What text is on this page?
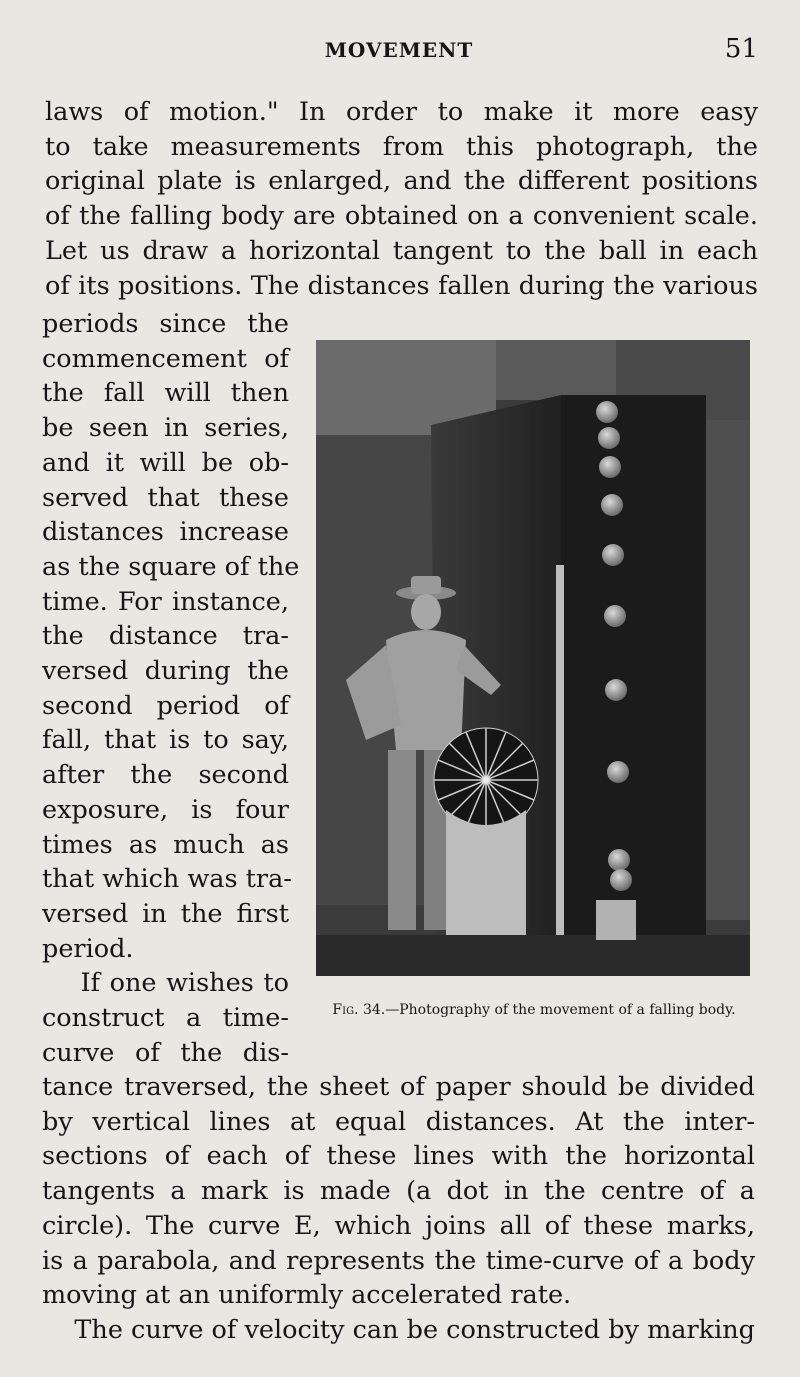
MOVEMENT	51
laws of motion." In order to make it more easy
to take measurements from this photograph, the
original plate is enlarged, and the different positions
of the falling body are obtained on a convenient scale.
Let us draw a horizontal tangent to the ball in each
of its positions. The distances fallen during the various
periods since the
commencement of
the fall will then
be seen in series,
and it will be ob-
served that these
distances increase
as the square of the
time. For instance,
the distance tra-
versed during the
second period of
fall, that is to say,
after the second
exposure, is four
times as much as
that which was tra-
versed in the first
period.
If one wishes to
construct a time-
curve of the dis-
Fig. 34.—Photography of the movement of a falling body.
tance traversed, the sheet of paper should be divided
by vertical lines at equal distances. At the inter-
sections of each of these lines with the horizontal
tangents a mark is made (a dot in the centre of a
circle). The curve E, which joins all of these marks,
is a parabola, and represents the time-curve of a body
moving at an uniformly accelerated rate.
The curve of velocity can be constructed by marking
